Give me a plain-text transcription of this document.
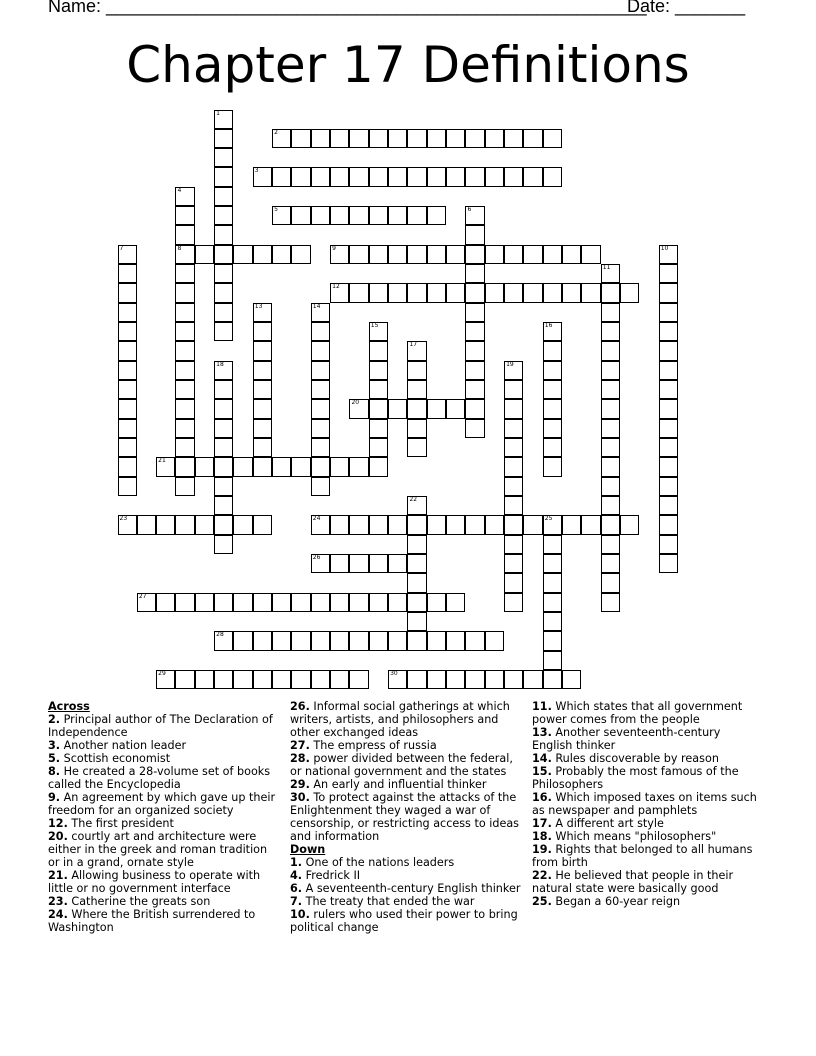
Name: ______________________________________________________
Date: _______
Chapter 17 Definitions
1
2
3
4
8
5	6
7	9	10
11
12
13	14
15	16
17
18	19
20
21
22
23	24	25
26
27
28
29	30

Across

2. Principal author of The Declaration of Independence

3. Another nation leader

5. Scottish economist

8. He created a 28-volume set of books called the Encyclopedia

9. An agreement by which gave up their freedom for an organized society

12. The first president

20. courtly art and architecture were either in the greek and roman tradition or in a grand, ornate style

21. Allowing business to operate with little or no government interface

23. Catherine the greats son

24. Where the British surrendered to Washington

26. Informal social gatherings at which writers, artists, and philosophers and other exchanged ideas

27. The empress of russia

28. power divided between the federal, or national government and the states

29. An early and influential thinker

30. To protect against the attacks of the Enlightenment they waged a war of censorship, or restricting access to ideas and information

Down

1. One of the nations leaders

4. Fredrick II

6. A seventeenth-century English thinker

7. The treaty that ended the war

10. rulers who used their power to bring political change

11. Which states that all government power comes from the people

13. Another seventeenth-century English thinker

14. Rules discoverable by reason

15. Probably the most famous of the Philosophers

16. Which imposed taxes on items such as newspaper and pamphlets

17. A different art style

18. Which means "philosophers"

19. Rights that belonged to all humans from birth

22. He believed that people in their natural state were basically good

25. Began a 60-year reign
